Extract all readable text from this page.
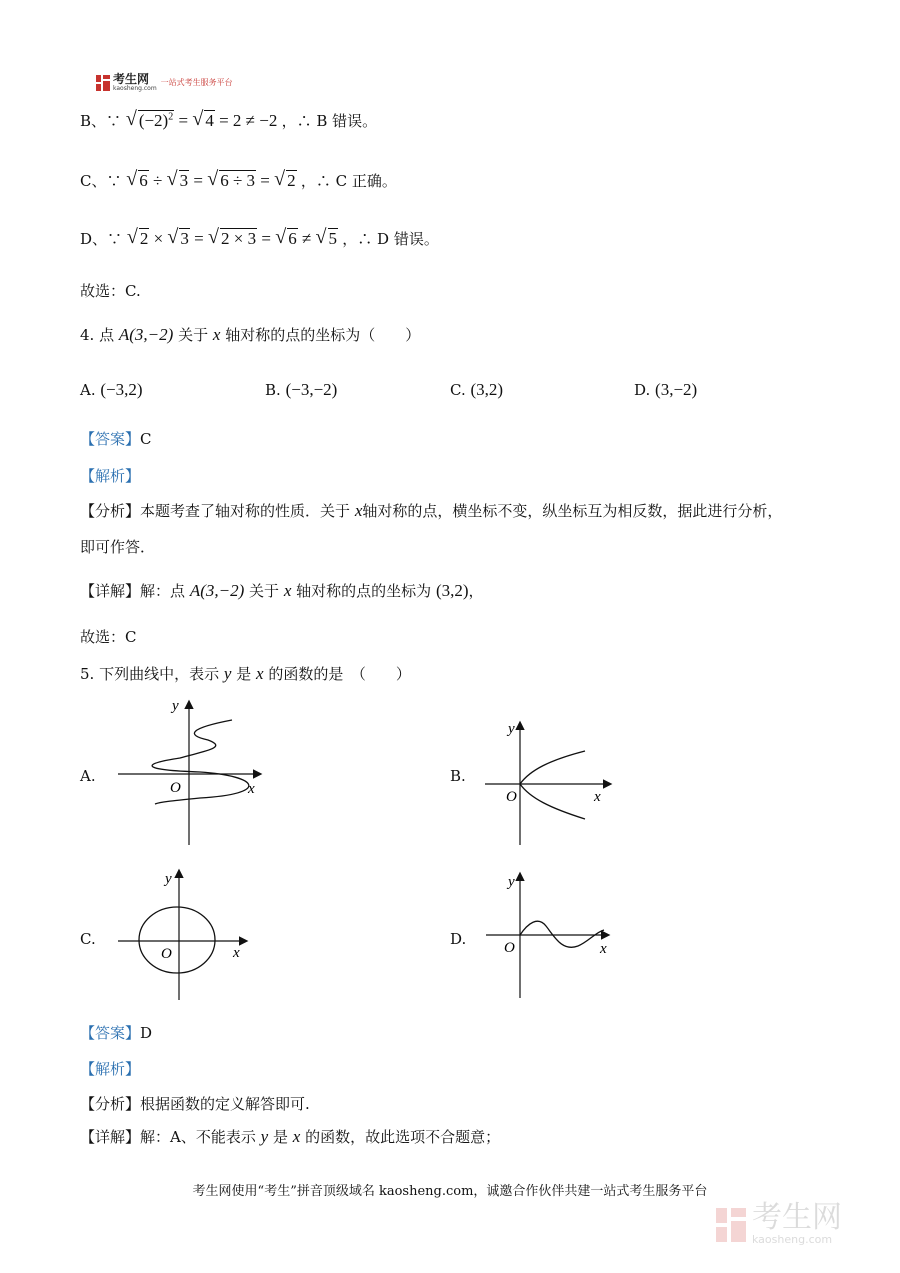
考生网
kaosheng.com
一站式考生服务平台
B、∵ √ $(-2)^2$ = √ 4 = 2 ≠ −2 ，∴ B 错误。
C、∵ √ 6 ÷ √ 3 = √ 6 ÷ 3 = √ 2 ，∴ C 正确。
D、∵ √ 2 × √ 3 = √ 2 × 3 = √ 6 ≠ √ 5 ，∴ D 错误。
故选：C.
4. 点 A(3,−2) 关于 x 轴对称的点的坐标为（　　）
A. (−3,2)	B. (−3,−2)	C. (3,2)	D. (3,−2)
【答案】C
【解析】
【分析】本题考查了轴对称的性质．关于 x轴对称的点，横坐标不变，纵坐标互为相反数，据此进行分析，
即可作答．
【详解】解：点 A(3,−2) 关于 x 轴对称的点的坐标为 (3,2)，
故选：C
5. 下列曲线中，表示 y 是 x 的函数的是　（　　）
A.	B.
C.	D.
y
x
O
y
x
O
y
x
O
y
x
O
【答案】D
【解析】
【分析】根据函数的定义解答即可.
【详解】解：A、不能表示 y 是 x 的函数，故此选项不合题意；
考生网使用“考生”拼音顶级域名 kaosheng.com，诚邀合作伙伴共建一站式考生服务平台
考生网
kaosheng.com
